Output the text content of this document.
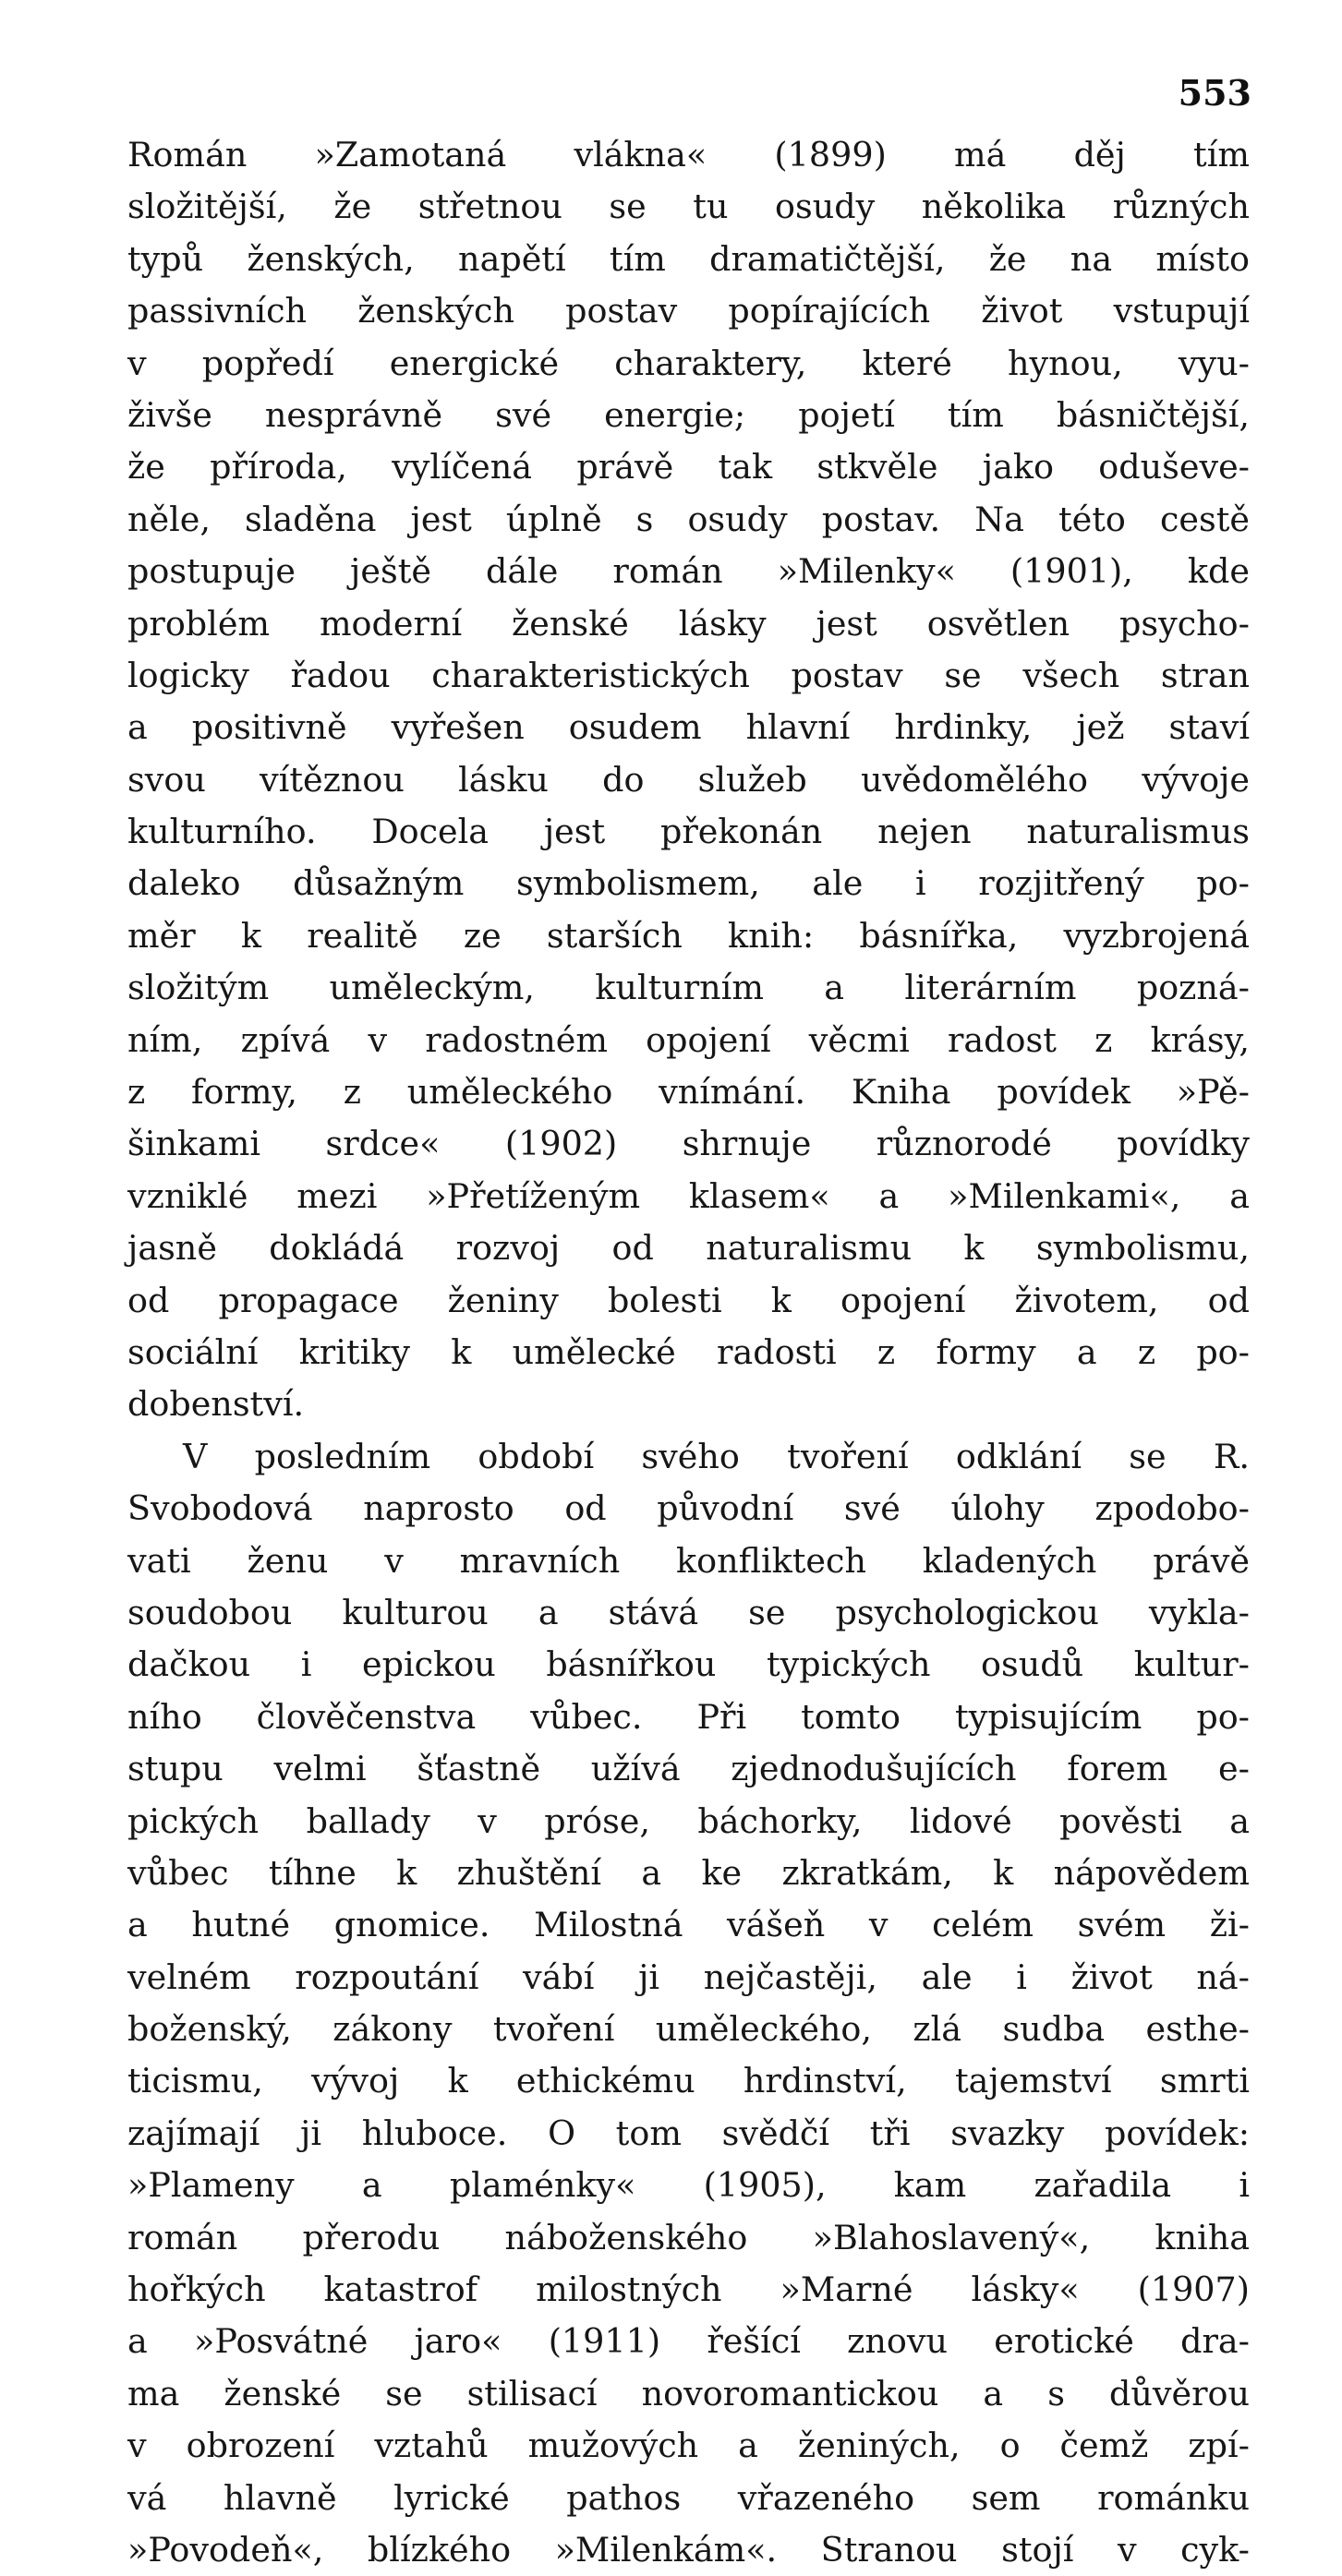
553
Román »Zamotaná vlákna« (1899) má děj tím
složitější, že střetnou se tu osudy několika různých
typů ženských, napětí tím dramatičtější, že na místo
passivních ženských postav popírajících život vstupují
v popředí energické charaktery, které hynou, vyu-
živše nesprávně své energie; pojetí tím básničtější,
že příroda, vylíčená právě tak stkvěle jako oduševe-
něle, sladěna jest úplně s osudy postav. Na této cestě
postupuje ještě dále román »Milenky« (1901), kde
problém moderní ženské lásky jest osvětlen psycho-
logicky řadou charakteristických postav se všech stran
a positivně vyřešen osudem hlavní hrdinky, jež staví
svou vítěznou lásku do služeb uvědomělého vývoje
kulturního. Docela jest překonán nejen naturalismus
daleko důsažným symbolismem, ale i rozjitřený po-
měr k realitě ze starších knih: básnířka, vyzbrojená
složitým uměleckým, kulturním a literárním pozná-
ním, zpívá v radostném opojení věcmi radost z krásy,
z formy, z uměleckého vnímání. Kniha povídek »Pě-
šinkami srdce« (1902) shrnuje různorodé povídky
vzniklé mezi »Přetíženým klasem« a »Milenkami«, a
jasně dokládá rozvoj od naturalismu k symbolismu,
od propagace ženiny bolesti k opojení životem, od
sociální kritiky k umělecké radosti z formy a z po-
dobenství.
V posledním období svého tvoření odklání se R.
Svobodová naprosto od původní své úlohy zpodobo-
vati ženu v mravních konfliktech kladených právě
soudobou kulturou a stává se psychologickou vykla-
dačkou i epickou básnířkou typických osudů kultur-
ního člověčenstva vůbec. Při tomto typisujícím po-
stupu velmi šťastně užívá zjednodušujících forem e-
pických ballady v próse, báchorky, lidové pověsti a
vůbec tíhne k zhuštění a ke zkratkám, k nápovědem
a hutné gnomice. Milostná vášeň v celém svém ži-
velném rozpoutání vábí ji nejčastěji, ale i život ná-
boženský, zákony tvoření uměleckého, zlá sudba esthe-
ticismu, vývoj k ethickému hrdinství, tajemství smrti
zajímají ji hluboce. O tom svědčí tři svazky povídek:
»Plameny a plaménky« (1905), kam zařadila i
román přerodu náboženského »Blahoslavený«, kniha
hořkých katastrof milostných »Marné lásky« (1907)
a »Posvátné jaro« (1911) řešící znovu erotické dra-
ma ženské se stilisací novoromantickou a s důvěrou
v obrození vztahů mužových a ženiných, o čemž zpí-
vá hlavně lyrické pathos vřazeného sem románku
»Povodeň«, blízkého »Milenkám«. Stranou stojí v cyk-
